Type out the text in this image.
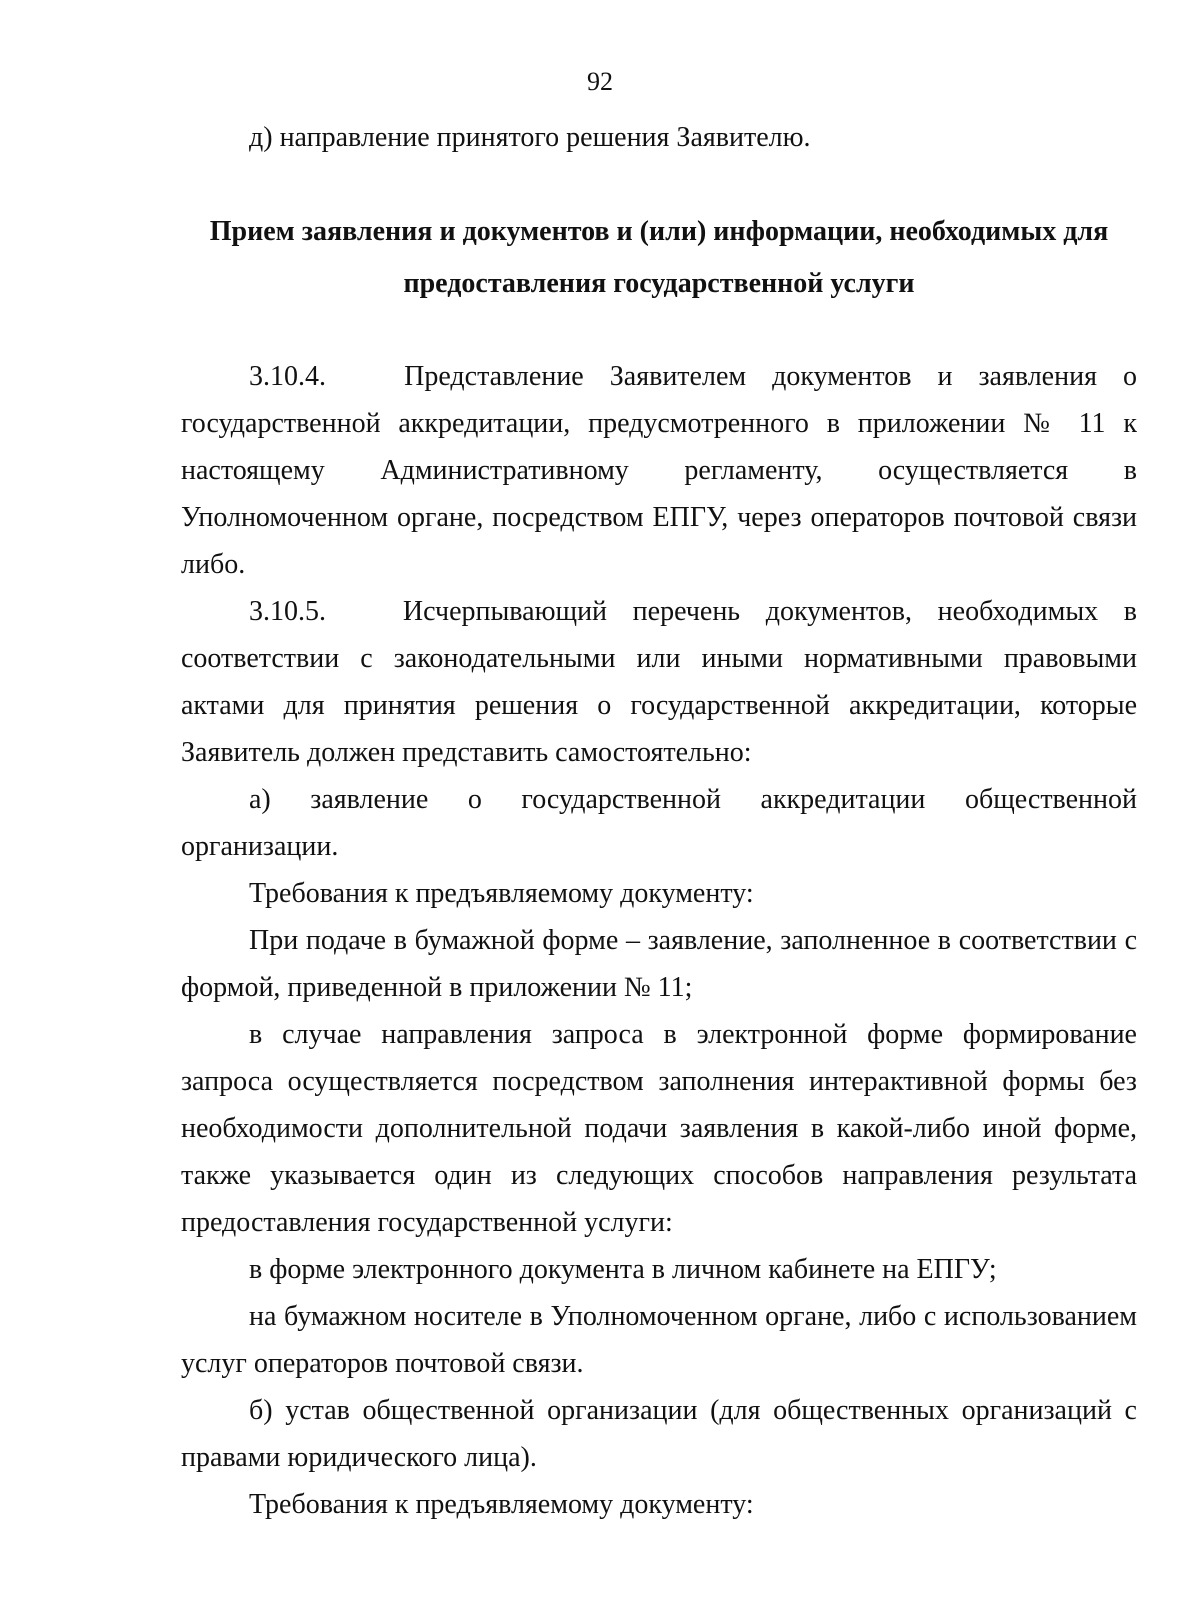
92

д) направление принятого решения Заявителю.

Прием заявления и документов и (или) информации, необходимых для предоставления государственной услуги

3.10.4.   Представление Заявителем документов и заявления о государственной аккредитации, предусмотренного в приложении № 11 к настоящему Административному регламенту, осуществляется в Уполномоченном органе, посредством ЕПГУ, через операторов почтовой связи либо.

3.10.5.   Исчерпывающий перечень документов, необходимых в соответствии с законодательными или иными нормативными правовыми актами для принятия решения о государственной аккредитации, которые Заявитель должен представить самостоятельно:

а) заявление о государственной аккредитации общественной организации.

Требования к предъявляемому документу:

При подаче в бумажной форме – заявление, заполненное в соответствии с формой, приведенной в приложении № 11;

в случае направления запроса в электронной форме формирование запроса осуществляется посредством заполнения интерактивной формы без необходимости дополнительной подачи заявления в какой-либо иной форме, также указывается один из следующих способов направления результата предоставления государственной услуги:

в форме электронного документа в личном кабинете на ЕПГУ;

на бумажном носителе в Уполномоченном органе, либо с использованием услуг операторов почтовой связи.

б) устав общественной организации (для общественных организаций с правами юридического лица).

Требования к предъявляемому документу:
